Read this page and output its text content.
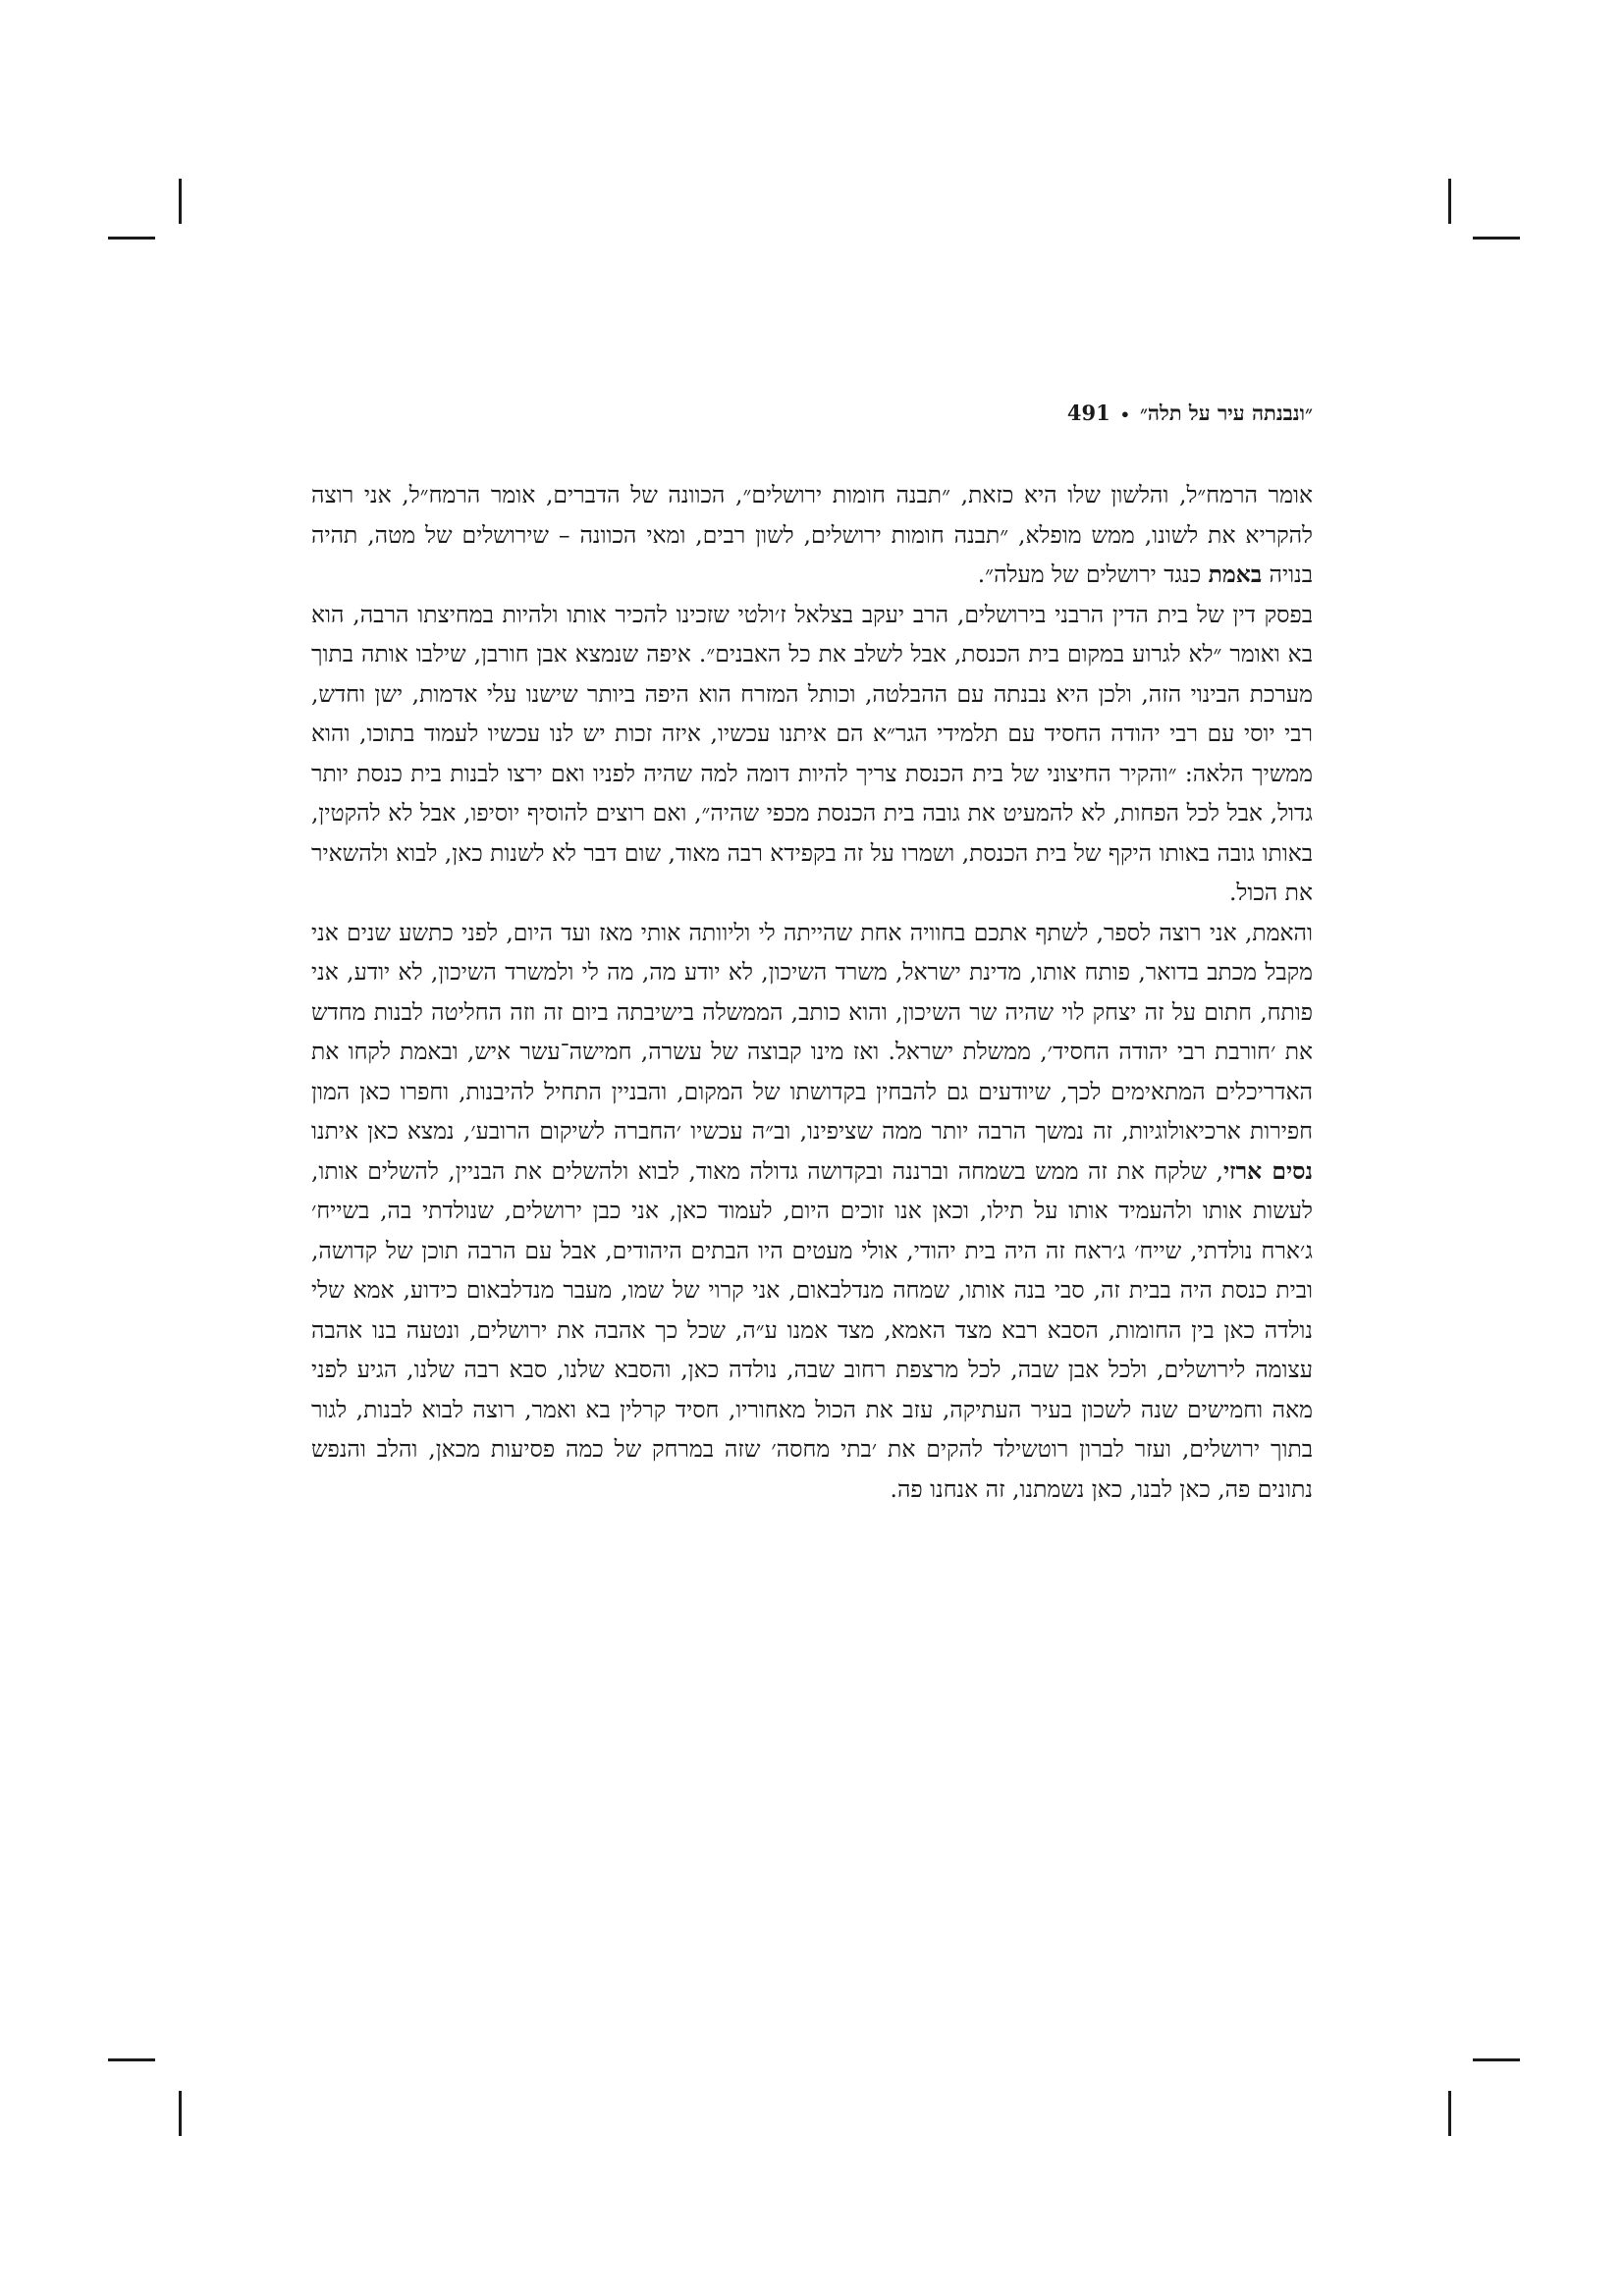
״ונבנתה עיר על תלה״•491

אומר הרמח״ל, והלשון שלו היא כזאת, ״תבנה חומות ירושלים״, הכוונה של הדברים, אומר הרמח״ל, אני רוצה להקריא את לשונו, ממש מופלא, ״תבנה חומות ירושלים, לשון רבים, ומאי הכוונה – שירושלים של מטה, תהיה בנויה באמת כנגד ירושלים של מעלה״.

בפסק דין של בית הדין הרבני בירושלים, הרב יעקב בצלאל ז׳ולטי שזכינו להכיר אותו ולהיות במחיצתו הרבה, הוא בא ואומר ״לא לגרוע במקום בית הכנסת, אבל לשלב את כל האבנים״. איפה שנמצא אבן חורבן, שילבו אותה בתוך מערכת הבינוי הזה, ולכן היא נבנתה עם ההבלטה, וכותל המזרח הוא היפה ביותר שישנו עלי אדמות, ישן וחדש, רבי יוסי עם רבי יהודה החסיד עם תלמידי הגר״א הם איתנו עכשיו, איזה זכות יש לנו עכשיו לעמוד בתוכו, והוא ממשיך הלאה: ״והקיר החיצוני של בית הכנסת צריך להיות דומה למה שהיה לפניו ואם ירצו לבנות בית כנסת יותר גדול, אבל לכל הפחות, לא להמעיט את גובה בית הכנסת מכפי שהיה״, ואם רוצים להוסיף יוסיפו, אבל לא להקטין, באותו גובה באותו היקף של בית הכנסת, ושמרו על זה בקפידא רבה מאוד, שום דבר לא לשנות כאן, לבוא ולהשאיר את הכול.

והאמת, אני רוצה לספר, לשתף אתכם בחוויה אחת שהייתה לי וליוותה אותי מאז ועד היום, לפני כתשע שנים אני מקבל מכתב בדואר, פותח אותו, מדינת ישראל, משרד השיכון, לא יודע מה, מה לי ולמשרד השיכון, לא יודע, אני פותח, חתום על זה יצחק לוי שהיה שר השיכון, והוא כותב, הממשלה בישיבתה ביום זה וזה החליטה לבנות מחדש את ׳חורבת רבי יהודה החסיד׳, ממשלת ישראל. ואז מינו קבוצה של עשרה, חמישה־עשר איש, ובאמת לקחו את האדריכלים המתאימים לכך, שיודעים גם להבחין בקדושתו של המקום, והבניין התחיל להיבנות, וחפרו כאן המון חפירות ארכיאולוגיות, זה נמשך הרבה יותר ממה שציפינו, וב״ה עכשיו ׳החברה לשיקום הרובע׳, נמצא כאן איתנו נסים ארזי, שלקח את זה ממש בשמחה וברננה ובקדושה גדולה מאוד, לבוא ולהשלים את הבניין, להשלים אותו, לעשות אותו ולהעמיד אותו על תילו, וכאן אנו זוכים היום, לעמוד כאן, אני כבן ירושלים, שנולדתי בה, בשייח׳ ג׳ארח נולדתי, שייח׳ ג׳ראח זה היה בית יהודי, אולי מעטים היו הבתים היהודים, אבל עם הרבה תוכן של קדושה, ובית כנסת היה בבית זה, סבי בנה אותו, שמחה מנדלבאום, אני קרוי של שמו, מעבר מנדלבאום כידוע, אמא שלי נולדה כאן בין החומות, הסבא רבא מצד האמא, מצד אמנו ע״ה, שכל כך אהבה את ירושלים, ונטעה בנו אהבה עצומה לירושלים, ולכל אבן שבה, לכל מרצפת רחוב שבה, נולדה כאן, והסבא שלנו, סבא רבה שלנו, הגיע לפני מאה וחמישים שנה לשכון בעיר העתיקה, עזב את הכול מאחוריו, חסיד קרלין בא ואמר, רוצה לבוא לבנות, לגור בתוך ירושלים, ועזר לברון רוטשילד להקים את ׳בתי מחסה׳ שזה במרחק של כמה פסיעות מכאן, והלב והנפש נתונים פה, כאן לבנו, כאן נשמתנו, זה אנחנו פה.
